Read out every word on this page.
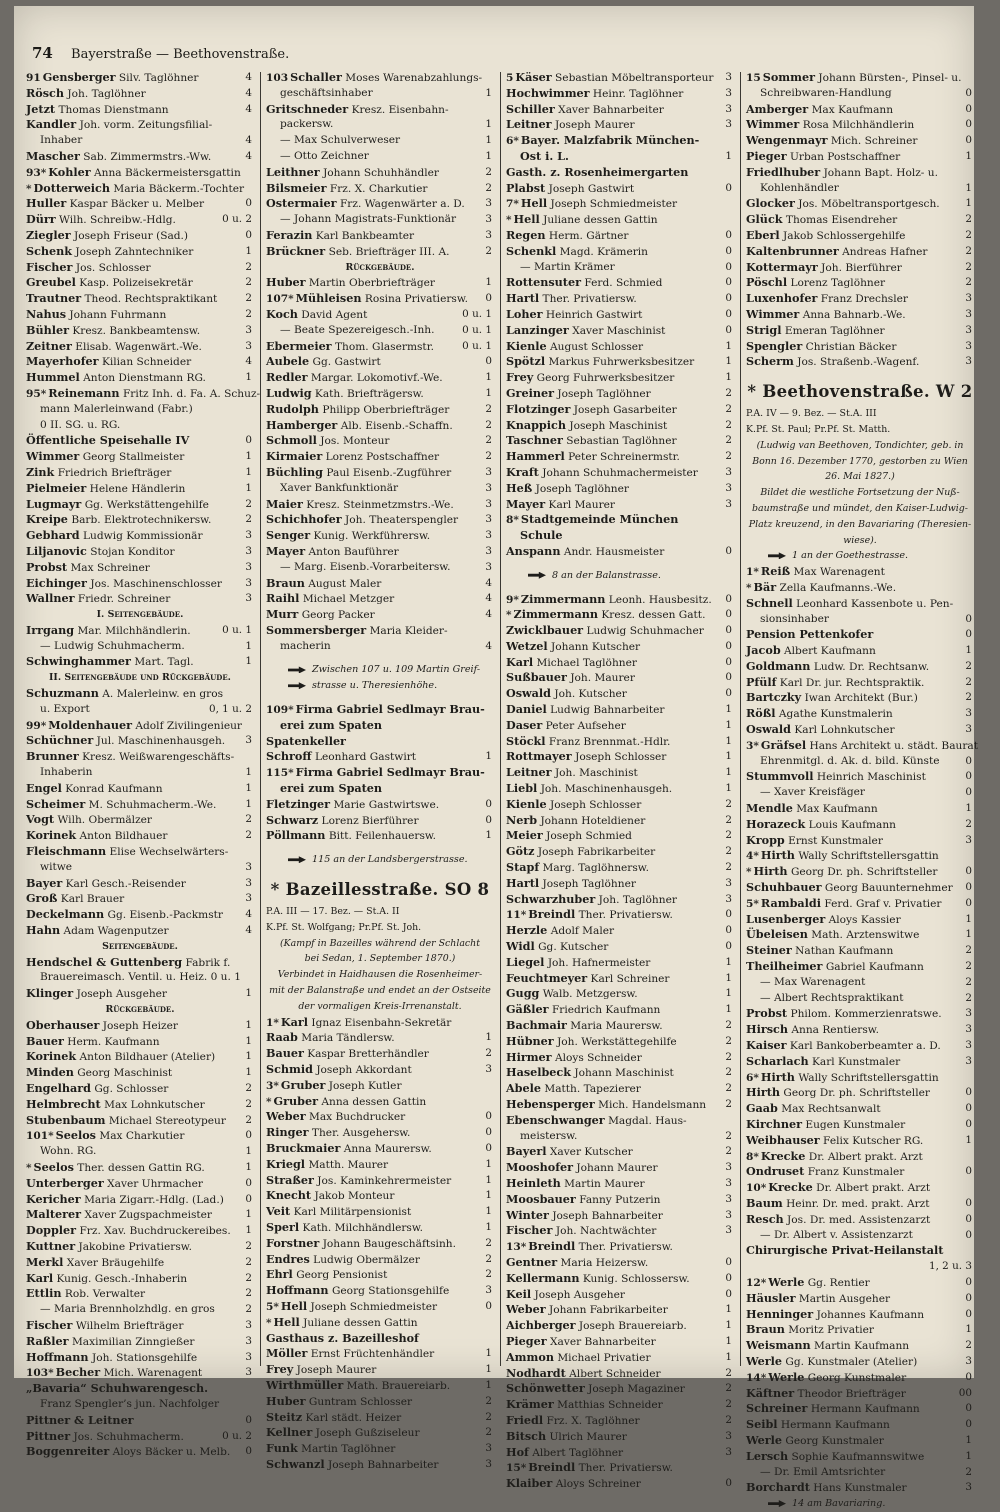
74 Bayerstraße — Beethovenstraße.
91 Gensberger Silv. Taglöhner	4
Rösch Joh. Taglöhner	4
Jetzt Thomas Dienstmann	4
Kandler Joh. vorm. Zeitungsfilial-
Inhaber	4
Mascher Sab. Zimmermstrs.-Ww.	4
93* Kohler Anna Bäckermeistersgattin
* Dotterweich Maria Bäckerm.-Tochter
Huller Kaspar Bäcker u. Melber	0
Dürr Wilh. Schreibw.-Hdlg.	0 u. 2
Ziegler Joseph Friseur (Sad.)	0
Schenk Joseph Zahntechniker	1
Fischer Jos. Schlosser	2
Greubel Kasp. Polizeisekretär	2
Trautner Theod. Rechtspraktikant	2
Nahus Johann Fuhrmann	2
Bühler Kresz. Bankbeamtensw.	3
Zeitner Elisab. Wagenwärt.-We.	3
Mayerhofer Kilian Schneider	4
Hummel Anton Dienstmann RG.	1
95* Reinemann Fritz Inh. d. Fa. A. Schuz-
mann Malerleinwand (Fabr.)
0 II. SG. u. RG.
Öffentliche Speisehalle IV	0
Wimmer Georg Stallmeister	1
Zink Friedrich Briefträger	1
Pielmeier Helene Händlerin	1
Lugmayr Gg. Werkstättengehilfe	2
Kreipe Barb. Elektrotechnikersw.	2
Gebhard Ludwig Kommissionär	3
Liljanovic Stojan Konditor	3
Probst Max Schreiner	3
Eichinger Jos. Maschinenschlosser 3
Wallner Friedr. Schreiner	3
I. Seitengebäude.
Irrgang Mar. Milchhändlerin.	0 u. 1
— Ludwig Schuhmacherm.	1
Schwinghammer Mart. Tagl.	1
II. Seitengebäude und Rückgebäude.
Schuzmann A. Malerleinw. en gros
u. Export	0, 1 u. 2
99* Moldenhauer Adolf Zivilingenieur
Schüchner Jul. Maschinenhausgeh. 3
Brunner Kresz. Weißwarengeschäfts-
Inhaberin	1
Engel Konrad Kaufmann	1
Scheimer M. Schuhmacherm.-We.	1
Vogt Wilh. Obermälzer	2
Korinek Anton Bildhauer	2
Fleischmann Elise Wechselwärters-
witwe	3
Bayer Karl Gesch.-Reisender	3
Groß Karl Brauer	3
Deckelmann Gg. Eisenb.-Packmstr 4
Hahn Adam Wagenputzer	4
Seitengebäude.
Hendschel & Guttenberg Fabrik f.
Brauereimasch. Ventil. u. Heiz. 0 u. 1
Klinger Joseph Ausgeher	1
Rückgebäude.
Oberhauser Joseph Heizer	1
Bauer Herm. Kaufmann	1
Korinek Anton Bildhauer (Atelier)	1
Minden Georg Maschinist	1
Engelhard Gg. Schlosser	2
Helmbrecht Max Lohnkutscher	2
Stubenbaum Michael Stereotypeur 2
101* Seelos Max Charkutier	0
Wohn. RG.	1
* Seelos Ther. dessen Gattin RG.	1
Unterberger Xaver Uhrmacher	0
Kericher Maria Zigarr.-Hdlg. (Lad.) 0
Malterer Xaver Zugspachmeister	1
Doppler Frz. Xav. Buchdruckereibes. 1
Kuttner Jakobine Privatiersw.	2
Merkl Xaver Bräugehilfe	2
Karl Kunig. Gesch.-Inhaberin	2
Ettlin Rob. Verwalter	2
— Maria Brennholzhdlg. en gros	2
Fischer Wilhelm Briefträger	3
Raßler Maximilian Zinngießer	3
Hoffmann Joh. Stationsgehilfe	3
103* Becher Mich. Warenagent	3
„Bavaria“ Schuhwarengesch.
Franz Spengler’s jun. Nachfolger
Pittner & Leitner	0
Pittner Jos. Schuhmacherm.	0 u. 2
Boggenreiter Aloys Bäcker u. Melb. 0
103 Schaller Moses Warenabzahlungs-
geschäftsinhaber	1
Gritschneder Kresz. Eisenbahn-
packersw.	1
— Max Schulverweser	1
— Otto Zeichner	1
Leithner Johann Schuhhändler	2
Bilsmeier Frz. X. Charkutier	2
Ostermaier Frz. Wagenwärter a. D. 3
— Johann Magistrats-Funktionär	3
Ferazin Karl Bankbeamter	3
Brückner Seb. Briefträger III. A.	2
Rückgebäude.
Huber Martin Oberbriefträger	1
107* Mühleisen Rosina Privatiersw. 0
Koch David Agent	0 u. 1
— Beate Spezereigesch.-Inh.	0 u. 1
Ebermeier Thom. Glasermstr.	0 u. 1
Aubele Gg. Gastwirt	0
Redler Margar. Lokomotivf.-We.	1
Ludwig Kath. Briefträgersw.	1
Rudolph Philipp Oberbriefträger	2
Hamberger Alb. Eisenb.-Schaffn.	2
Schmoll Jos. Monteur	2
Kirmaier Lorenz Postschaffner	2
Büchling Paul Eisenb.-Zugführer	3
Xaver Bankfunktionär	3
Maier Kresz. Steinmetzmstrs.-We.	3
Schichhofer Joh. Theaterspengler	3
Senger Kunig. Werkführersw.	3
Mayer Anton Bauführer	3
— Marg. Eisenb.-Vorarbeitersw.	3
Braun August Maler	4
Raihl Michael Metzger	4
Murr Georg Packer	4
Sommersberger Maria Kleider-
macherin	4
Zwischen 107 u. 109 Martin Greif-
strasse u. Theresienhöhe.
109* Firma Gabriel Sedlmayr Brau-
erei zum Spaten
Spatenkeller
Schroff Leonhard Gastwirt	1
115* Firma Gabriel Sedlmayr Brau-
erei zum Spaten
Fletzinger Marie Gastwirtswe.	0
Schwarz Lorenz Bierführer	0
Pöllmann Bitt. Feilenhauersw.	1
115 an der Landsbergerstrasse.
* Bazeillesstraße. SO 8
P.A. III — 17. Bez. — St.A. II
K.Pf. St. Wolfgang; Pr.Pf. St. Joh.
(Kampf in Bazeilles während der Schlacht
bei Sedan, 1. September 1870.)
Verbindet in Haidhausen die Rosenheimer-
mit der Balanstraße und endet an der Ostseite
der vormaligen Kreis-Irrenanstalt.
1* Karl Ignaz Eisenbahn-Sekretär
Raab Maria Tändlersw.	1
Bauer Kaspar Bretterhändler	2
Schmid Joseph Akkordant	3
3* Gruber Joseph Kutler
* Gruber Anna dessen Gattin
Weber Max Buchdrucker	0
Ringer Ther. Ausgehersw.	0
Bruckmaier Anna Maurersw.	0
Kriegl Matth. Maurer	1
Straßer Jos. Kaminkehrermeister	1
Knecht Jakob Monteur	1
Veit Karl Militärpensionist	1
Sperl Kath. Milchhändlersw.	1
Forstner Johann Baugeschäftsinh.	2
Endres Ludwig Obermälzer	2
Ehrl Georg Pensionist	2
Hoffmann Georg Stationsgehilfe	3
5* Hell Joseph Schmiedmeister	0
* Hell Juliane dessen Gattin
Gasthaus z. Bazeilleshof
Möller Ernst Früchtenhändler	1
Frey Joseph Maurer	1
Wirthmüller Math. Brauereiarb.	1
Huber Guntram Schlosser	2
Steitz Karl städt. Heizer	2
Kellner Joseph Gußziseleur	2
Funk Martin Taglöhner	3
Schwanzl Joseph Bahnarbeiter	3
5 Käser Sebastian Möbeltransporteur 3
Hochwimmer Heinr. Taglöhner	3
Schiller Xaver Bahnarbeiter	3
Leitner Joseph Maurer	3
6* Bayer. Malzfabrik München-
Ost i. L.	1
Gasth. z. Rosenheimergarten
Plabst Joseph Gastwirt	0
7* Hell Joseph Schmiedmeister
* Hell Juliane dessen Gattin
Regen Herm. Gärtner	0
Schenkl Magd. Krämerin	0
— Martin Krämer	0
Rottensuter Ferd. Schmied	0
Hartl Ther. Privatiersw.	0
Loher Heinrich Gastwirt	0
Lanzinger Xaver Maschinist	0
Kienle August Schlosser	1
Spötzl Markus Fuhrwerksbesitzer	1
Frey Georg Fuhrwerksbesitzer	1
Greiner Joseph Taglöhner	2
Flotzinger Joseph Gasarbeiter	2
Knappich Joseph Maschinist	2
Taschner Sebastian Taglöhner	2
Hammerl Peter Schreinermstr.	2
Kraft Johann Schuhmachermeister	3
Heß Joseph Taglöhner	3
Mayer Karl Maurer	3
8* Stadtgemeinde München
Schule
Anspann Andr. Hausmeister	0
8 an der Balanstrasse.
9* Zimmermann Leonh. Hausbesitz. 0
* Zimmermann Kresz. dessen Gatt. 0
Zwicklbauer Ludwig Schuhmacher 0
Wetzel Johann Kutscher	0
Karl Michael Taglöhner	0
Sußbauer Joh. Maurer	0
Oswald Joh. Kutscher	0
Daniel Ludwig Bahnarbeiter	1
Daser Peter Aufseher	1
Stöckl Franz Brennmat.-Hdlr.	1
Rottmayer Joseph Schlosser	1
Leitner Joh. Maschinist	1
Liebl Joh. Maschinenhausgeh.	1
Kienle Joseph Schlosser	2
Nerb Johann Hoteldiener	2
Meier Joseph Schmied	2
Götz Joseph Fabrikarbeiter	2
Stapf Marg. Taglöhnersw.	2
Hartl Joseph Taglöhner	3
Schwarzhuber Joh. Taglöhner	3
11* Breindl Ther. Privatiersw.	0
Herzle Adolf Maler	0
Widl Gg. Kutscher	0
Liegel Joh. Hafnermeister	1
Feuchtmeyer Karl Schreiner	1
Gugg Walb. Metzgersw.	1
Gäßler Friedrich Kaufmann	1
Bachmair Maria Maurersw.	2
Hübner Joh. Werkstättegehilfe	2
Hirmer Aloys Schneider	2
Haselbeck Johann Maschinist	2
Abele Matth. Tapezierer	2
Hebensperger Mich. Handelsmann 2
Ebenschwanger Magdal. Haus-
meistersw.	2
Bayerl Xaver Kutscher	2
Mooshofer Johann Maurer	3
Heinleth Martin Maurer	3
Moosbauer Fanny Putzerin	3
Winter Joseph Bahnarbeiter	3
Fischer Joh. Nachtwächter	3
13* Breindl Ther. Privatiersw.
Gentner Maria Heizersw.	0
Kellermann Kunig. Schlossersw.	0
Keil Joseph Ausgeher	0
Weber Johann Fabrikarbeiter	1
Aichberger Joseph Brauereiarb.	1
Pieger Xaver Bahnarbeiter	1
Ammon Michael Privatier	1
Nodhardt Albert Schneider	2
Schönwetter Joseph Magaziner	2
Krämer Matthias Schneider	2
Friedl Frz. X. Taglöhner	2
Bitsch Ulrich Maurer	3
Hof Albert Taglöhner	3
15* Breindl Ther. Privatiersw.
Klaiber Aloys Schreiner	0
15 Sommer Johann Bürsten-, Pinsel- u.
Schreibwaren-Handlung	0
Amberger Max Kaufmann	0
Wimmer Rosa Milchhändlerin	0
Wengenmayr Mich. Schreiner	0
Pieger Urban Postschaffner	1
Friedlhuber Johann Bapt. Holz- u.
Kohlenhändler	1
Glocker Jos. Möbeltransportgesch. 1
Glück Thomas Eisendreher	2
Eberl Jakob Schlossergehilfe	2
Kaltenbrunner Andreas Hafner	2
Kottermayr Joh. Bierführer	2
Pöschl Lorenz Taglöhner	2
Luxenhofer Franz Drechsler	3
Wimmer Anna Bahnarb.-We.	3
Strigl Emeran Taglöhner	3
Spengler Christian Bäcker	3
Scherm Jos. Straßenb.-Wagenf.	3
* Beethovenstraße. W 2
P.A. IV — 9. Bez. — St.A. III
K.Pf. St. Paul; Pr.Pf. St. Matth.
(Ludwig van Beethoven, Tondichter, geb. in
Bonn 16. Dezember 1770, gestorben zu Wien
26. Mai 1827.)
Bildet die westliche Fortsetzung der Nuß-
baumstraße und mündet, den Kaiser-Ludwig-
Platz kreuzend, in den Bavariaring (Theresien-
wiese).
1 an der Goethestrasse.
1* Reiß Max Warenagent
* Bär Zella Kaufmanns.-We.
Schnell Leonhard Kassenbote u. Pen-
sionsinhaber	0
Pension Pettenkofer	0
Jacob Albert Kaufmann	1
Goldmann Ludw. Dr. Rechtsanw.	2
Pfülf Karl Dr. jur. Rechtspraktik.	2
Bartczky Iwan Architekt (Bur.)	2
Rößl Agathe Kunstmalerin	3
Oswald Karl Lohnkutscher	3
3* Gräfsel Hans Architekt u. städt. Baurat
Ehrenmitgl. d. Ak. d. bild. Künste 0
Stummvoll Heinrich Maschinist	0
— Xaver Kreisfäger	0
Mendle Max Kaufmann	1
Horazeck Louis Kaufmann	2
Kropp Ernst Kunstmaler	3
4* Hirth Wally Schriftstellersgattin
* Hirth Georg Dr. ph. Schriftsteller	0
Schuhbauer Georg Bauunternehmer 0
5* Rambaldi Ferd. Graf v. Privatier 0
Lusenberger Aloys Kassier	1
Übeleisen Math. Arztenswitwe	1
Steiner Nathan Kaufmann	2
Theilheimer Gabriel Kaufmann	2
— Max Warenagent	2
— Albert Rechtspraktikant	2
Probst Philom. Kommerzienratswe. 3
Hirsch Anna Rentiersw.	3
Kaiser Karl Bankoberbeamter a. D. 3
Scharlach Karl Kunstmaler	3
6* Hirth Wally Schriftstellersgattin
Hirth Georg Dr. ph. Schriftsteller	0
Gaab Max Rechtsanwalt	0
Kirchner Eugen Kunstmaler	0
Weibhauser Felix Kutscher RG.	1
8* Krecke Dr. Albert prakt. Arzt
Ondruset Franz Kunstmaler	0
10* Krecke Dr. Albert prakt. Arzt
Baum Heinr. Dr. med. prakt. Arzt	0
Resch Jos. Dr. med. Assistenzarzt	0
— Dr. Albert v. Assistenzarzt	0
Chirurgische Privat-Heilanstalt
1, 2 u. 3
12* Werle Gg. Rentier	0
Häusler Martin Ausgeher	0
Henninger Johannes Kaufmann	0
Braun Moritz Privatier	1
Weismann Martin Kaufmann	2
Werle Gg. Kunstmaler (Atelier)	3
14* Werle Georg Kunstmaler	0
Käftner Theodor Briefträger	00
Schreiner Hermann Kaufmann	0
Seibl Hermann Kaufmann	0
Werle Georg Kunstmaler	1
Lersch Sophie Kaufmannswitwe	1
— Dr. Emil Amtsrichter	2
Borchardt Hans Kunstmaler	3
14 am Bavariaring.
